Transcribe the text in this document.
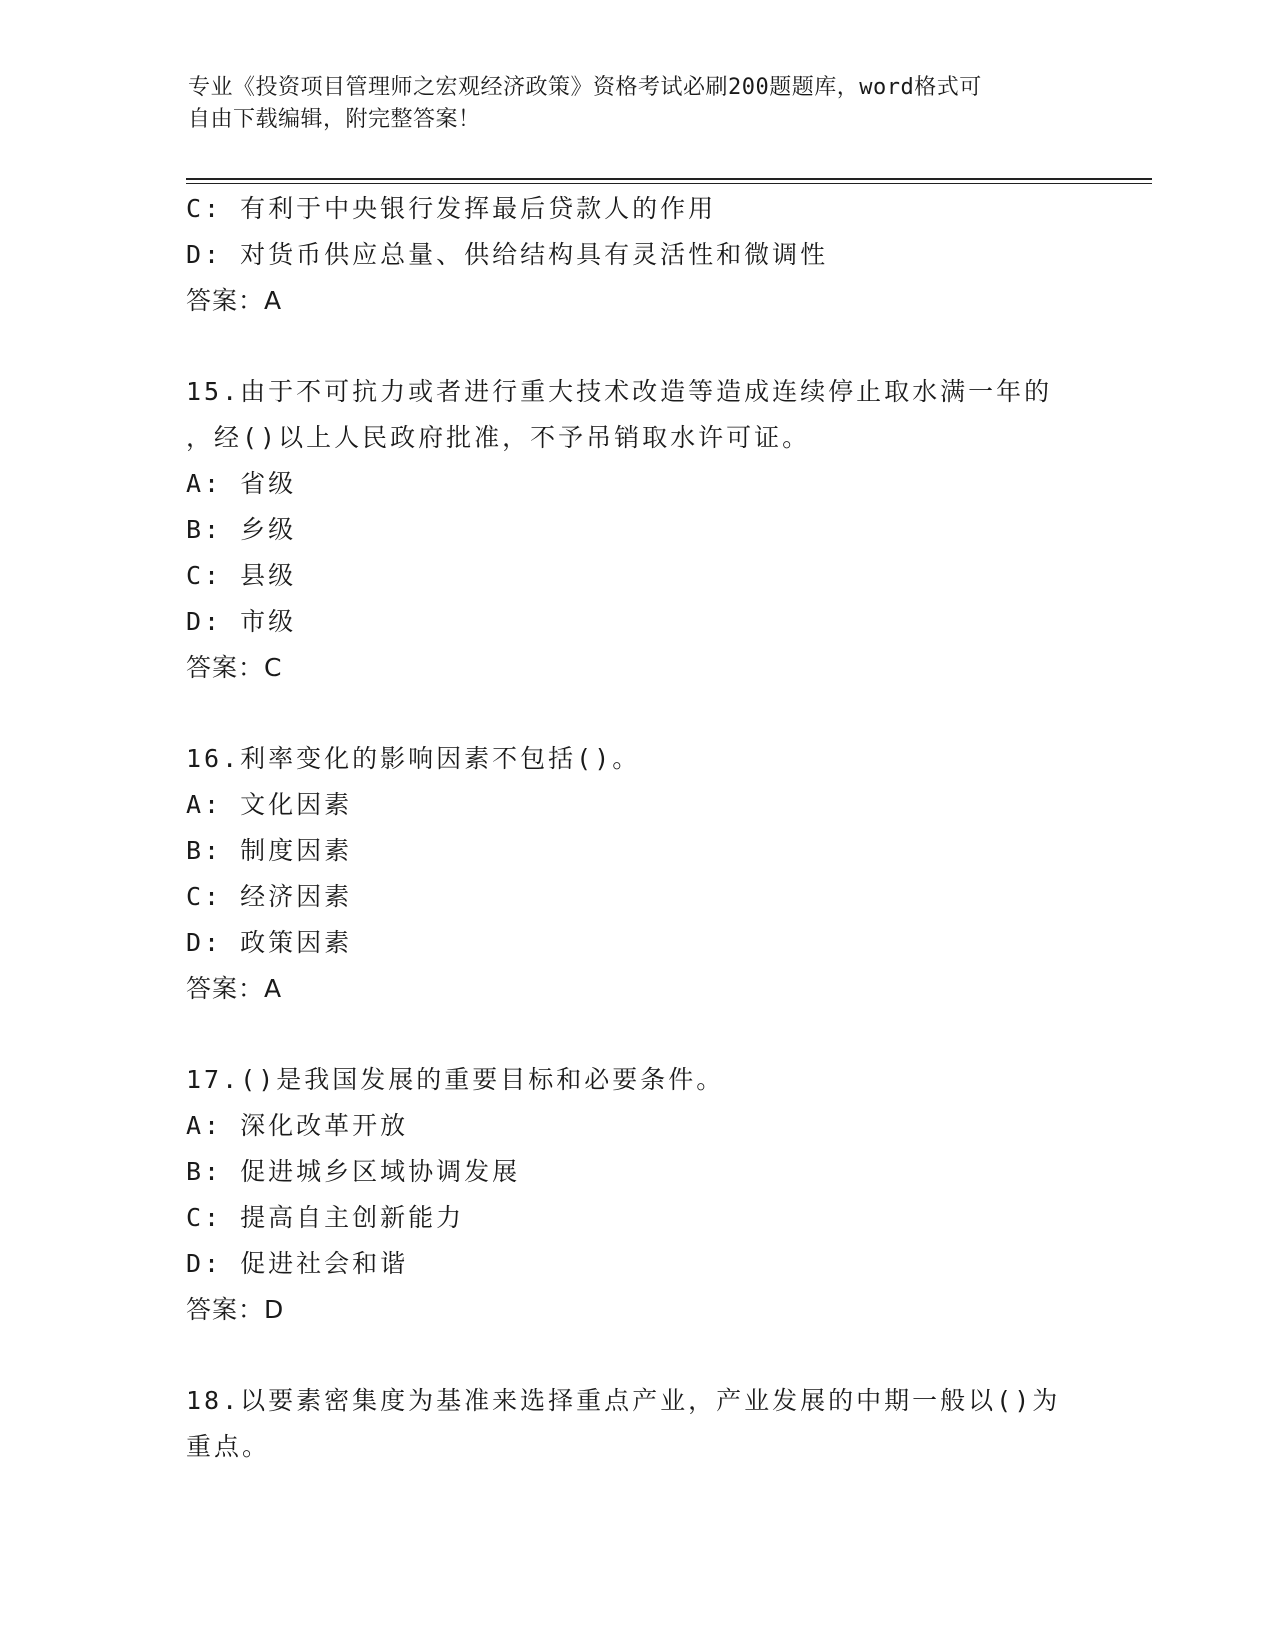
专业《投资项目管理师之宏观经济政策》资格考试必刷200题题库，word格式可
自由下载编辑，附完整答案！
C: 有利于中央银行发挥最后贷款人的作用
D: 对货币供应总量、供给结构具有灵活性和微调性
答案：A
15.由于不可抗力或者进行重大技术改造等造成连续停止取水满一年的
，经()以上人民政府批准，不予吊销取水许可证。
A: 省级
B: 乡级
C: 县级
D: 市级
答案：C
16.利率变化的影响因素不包括()。
A: 文化因素
B: 制度因素
C: 经济因素
D: 政策因素
答案：A
17.()是我国发展的重要目标和必要条件。
A: 深化改革开放
B: 促进城乡区域协调发展
C: 提高自主创新能力
D: 促进社会和谐
答案：D
18.以要素密集度为基准来选择重点产业，产业发展的中期一般以()为
重点。
